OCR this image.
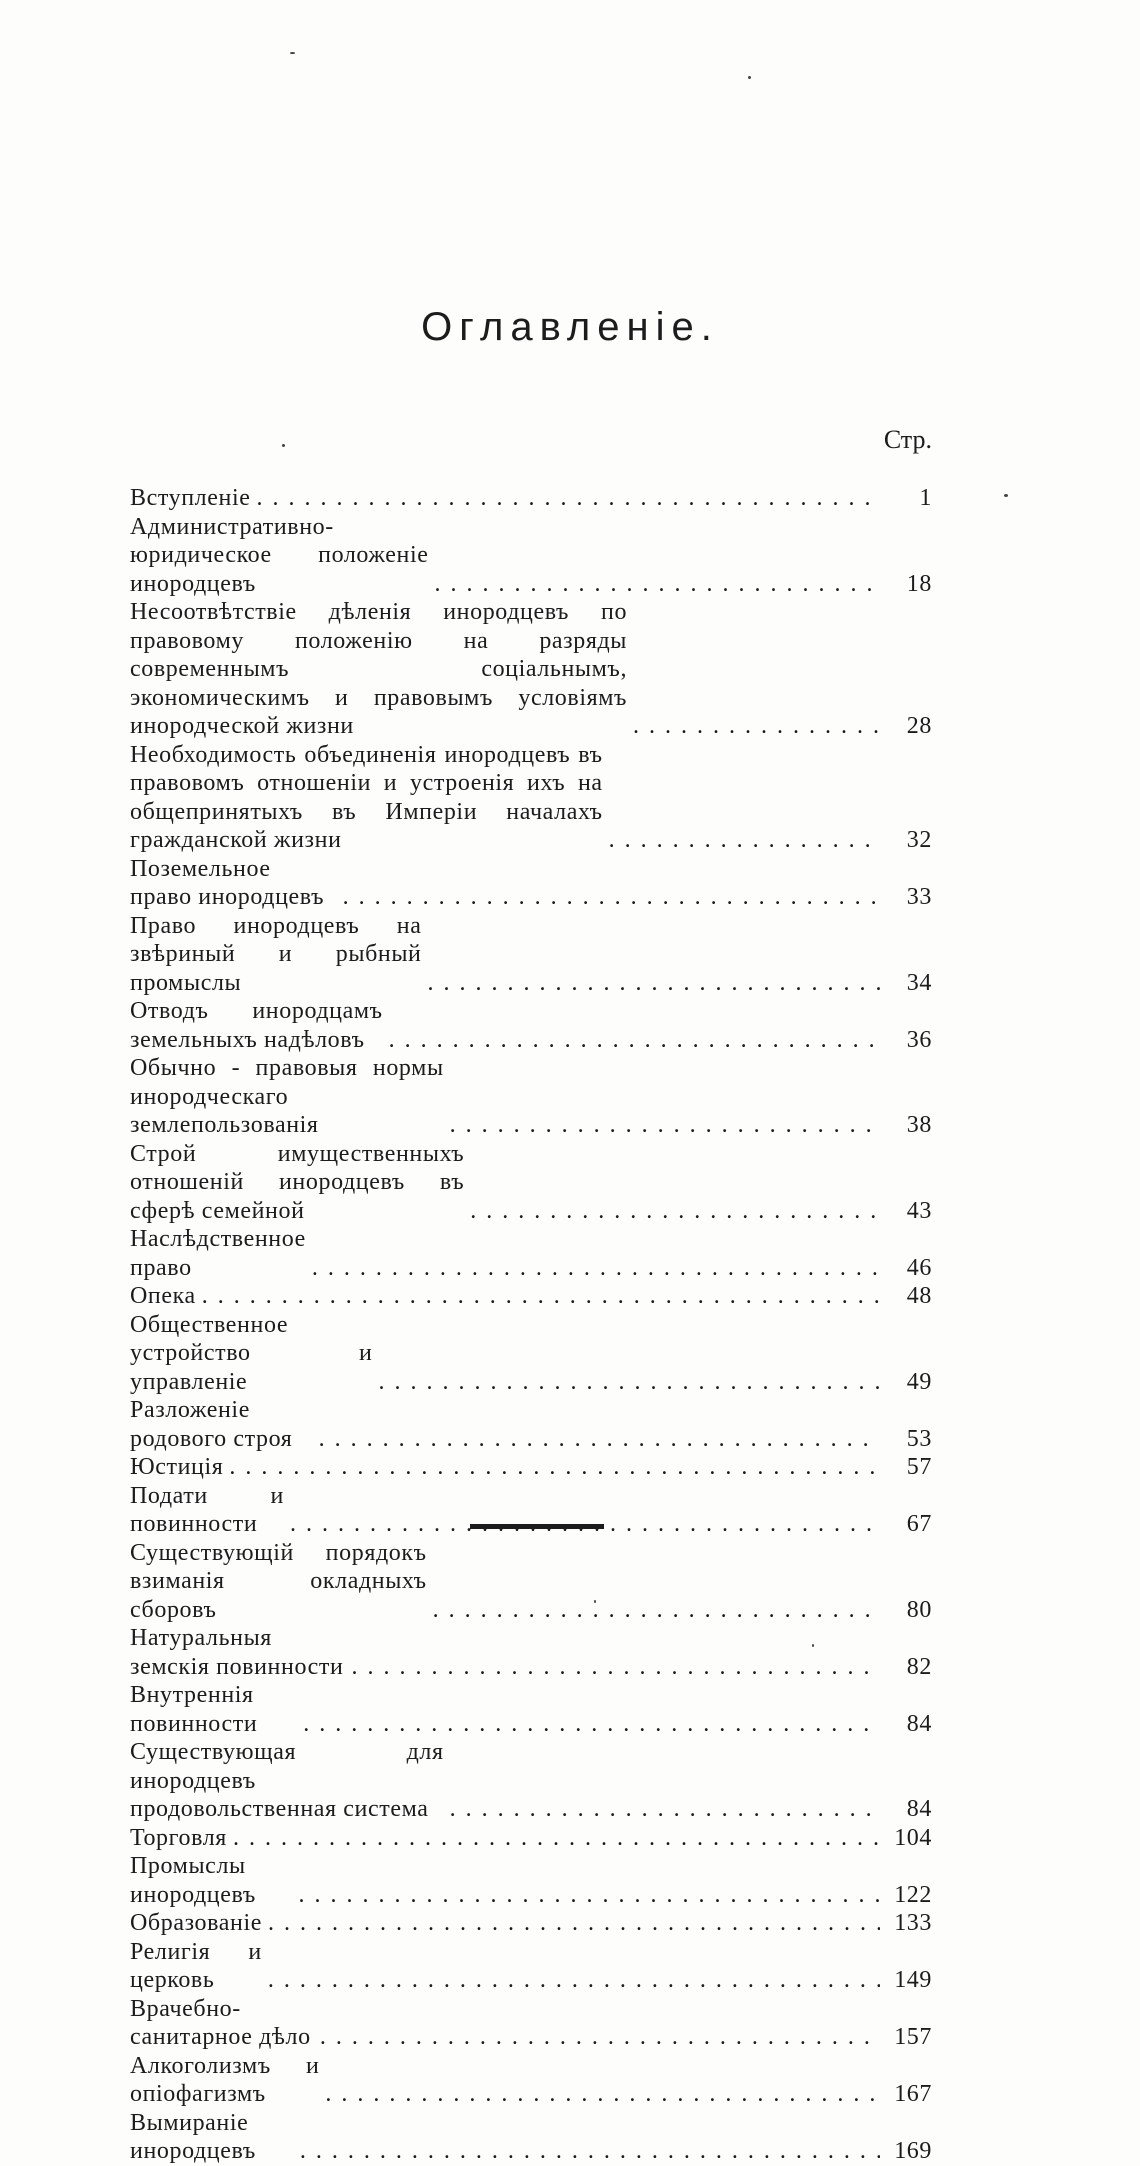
Оглавленіе.
Стр.
Вступленіе . . .	1
Административно-юридическое положеніе инородцевъ . . .	18
Несоотвѣтствіе дѣленія инородцевъ по правовому положенію на разряды современнымъ соціальнымъ, экономическимъ и правовымъ условіямъ инородческой жизни . . .	28
Необходимость объединенія инородцевъ въ правовомъ отношеніи и устроенія ихъ на общепринятыхъ въ Имперіи началахъ гражданской жизни . . .	32
Поземельное право инородцевъ . . .	33
Право инородцевъ на звѣриный и рыбный промыслы . . .	34
Отводъ инородцамъ земельныхъ надѣловъ . . .	36
Обычно - правовыя нормы инородческаго землепользованія . . .	38
Строй имущественныхъ отношеній инородцевъ въ сферѣ семейной . . .	43
Наслѣдственное право . . .	46
Опека . . .	48
Общественное устройство и управленіе . . .	49
Разложеніе родового строя . . .	53
Юстиція . . .	57
Подати и повинности . . .	67
Существующій порядокъ взиманія окладныхъ сборовъ . . .	80
Натуральныя земскія повинности . . .	82
Внутреннія повинности . . .	84
Существующая для инородцевъ продовольственная система . . .	84
Торговля . . .	104
Промыслы инородцевъ . . .	122
Образованіе . . .	133
Религія и церковь . . .	149
Врачебно-санитарное дѣло . . .	157
Алкоголизмъ и опіофагизмъ . . .	167
Вымираніе инородцевъ . . .	169
